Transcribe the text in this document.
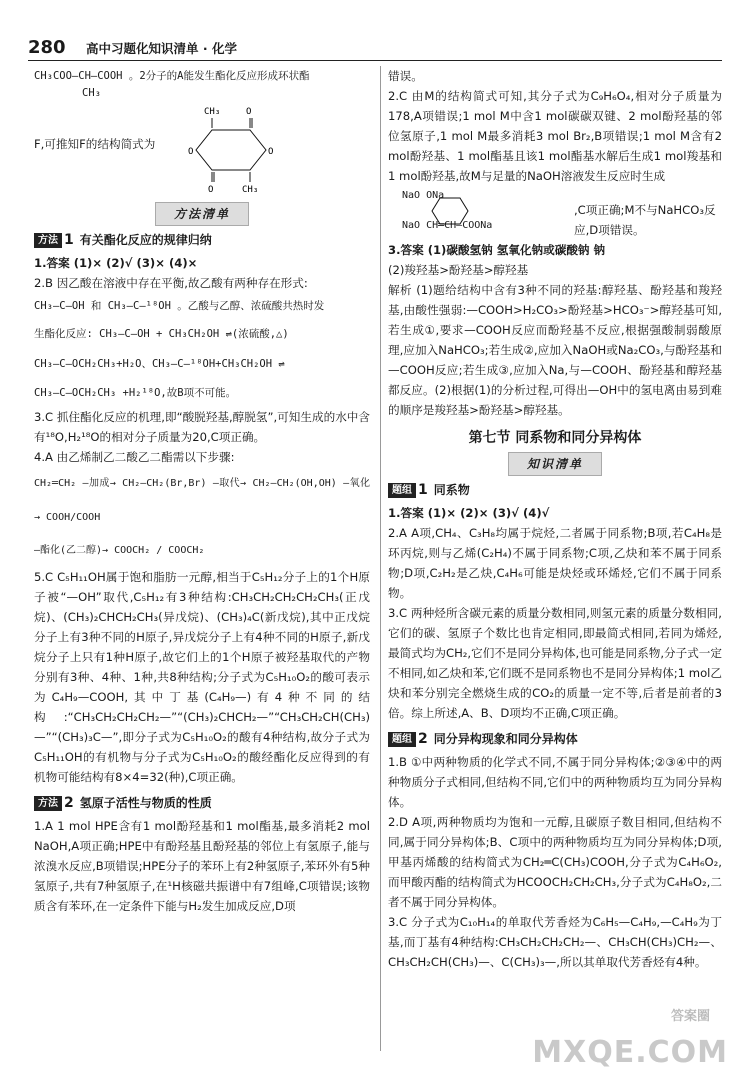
280 高中习题化知识清单 · 化学

CH₃COO—CH—COOH 。2分子的A能发生酯化反应形成环状酯

CH₃

F,可推知F的结构简式为
CH₃	O
O	O
O	CH₃
方法清单
方法 1 有关酯化反应的规律归纳

1.答案 (1)× (2)√ (3)× (4)×

2.B 因乙酸在溶液中存在平衡,故乙酸有两种存在形式:

CH₃—C—OH 和 CH₃—C—¹⁸OH 。乙酸与乙醇、浓硫酸共热时发

生酯化反应: CH₃—C—OH + CH₃CH₂OH ⇌(浓硫酸,△)

CH₃—C—OCH₂CH₃+H₂O、CH₃—C—¹⁸OH+CH₃CH₂OH ⇌

CH₃—C—OCH₂CH₃ +H₂¹⁸O,故B项不可能。

3.C 抓住酯化反应的机理,即“酸脱羟基,醇脱氢”,可知生成的水中含有¹⁸O,H₂¹⁸O的相对分子质量为20,C项正确。

4.A 由乙烯制乙二酸乙二酯需以下步骤:

CH₂═CH₂ —加成→ CH₂—CH₂(Br,Br) —取代→ CH₂—CH₂(OH,OH) —氧化→ COOH/COOH

—酯化(乙二醇)→ COOCH₂ / COOCH₂

5.C C₅H₁₁OH属于饱和脂肪一元醇,相当于C₅H₁₂分子上的1个H原子被“—OH”取代,C₅H₁₂有3种结构:CH₃CH₂CH₂CH₂CH₃(正戊烷)、(CH₃)₂CHCH₂CH₃(异戊烷)、(CH₃)₄C(新戊烷),其中正戊烷分子上有3种不同的H原子,异戊烷分子上有4种不同的H原子,新戊烷分子上只有1种H原子,故它们上的1个H原子被羟基取代的产物分别有3种、4种、1种,共8种结构;分子式为C₅H₁₀O₂的酸可表示为C₄H₉—COOH,其中丁基(C₄H₉—)有4种不同的结构:“CH₃CH₂CH₂CH₂—”“(CH₃)₂CHCH₂—”“CH₃CH₂CH(CH₃)—”“(CH₃)₃C—”,即分子式为C₅H₁₀O₂的酸有4种结构,故分子式为C₅H₁₁OH的有机物与分子式为C₅H₁₀O₂的酸经酯化反应得到的有机物可能结构有8×4=32(种),C项正确。

方法 2 氢原子活性与物质的性质

1.A 1 mol HPE含有1 mol酚羟基和1 mol酯基,最多消耗2 mol NaOH,A项正确;HPE中有酚羟基且酚羟基的邻位上有氢原子,能与浓溴水反应,B项错误;HPE分子的苯环上有2种氢原子,苯环外有5种氢原子,共有7种氢原子,在¹H核磁共振谱中有7组峰,C项错误;该物质含有苯环,在一定条件下能与H₂发生加成反应,D项

错误。

2.C 由M的结构简式可知,其分子式为C₉H₆O₄,相对分子质量为178,A项错误;1 mol M中含1 mol碳碳双键、2 mol酚羟基的邻位氢原子,1 mol M最多消耗3 mol Br₂,B项错误;1 mol M含有2 mol酚羟基、1 mol酯基且该1 mol酯基水解后生成1 mol羧基和1 mol酚羟基,故M与足量的NaOH溶液发生反应时生成

NaO ONa
NaO CH═CH—COONa
,C项正确;M不与NaHCO₃反应,D项错误。

3.答案 (1)碳酸氢钠 氢氧化钠或碳酸钠 钠

(2)羧羟基>酚羟基>醇羟基

解析 (1)题给结构中含有3种不同的羟基:醇羟基、酚羟基和羧羟基,由酸性强弱:—COOH>H₂CO₃>酚羟基>HCO₃⁻>醇羟基可知,若生成①,要求—COOH反应而酚羟基不反应,根据强酸制弱酸原理,应加入NaHCO₃;若生成②,应加入NaOH或Na₂CO₃,与酚羟基和—COOH反应;若生成③,应加入Na,与—COOH、酚羟基和醇羟基都反应。(2)根据(1)的分析过程,可得出—OH中的氢电离由易到难的顺序是羧羟基>酚羟基>醇羟基。

第七节 同系物和同分异构体
知识清单
题组 1 同系物

1.答案 (1)× (2)× (3)√ (4)√

2.A A项,CH₄、C₃H₈均属于烷烃,二者属于同系物;B项,若C₄H₈是环丙烷,则与乙烯(C₂H₄)不属于同系物;C项,乙炔和苯不属于同系物;D项,C₂H₂是乙炔,C₄H₆可能是炔烃或环烯烃,它们不属于同系物。

3.C 两种烃所含碳元素的质量分数相同,则氢元素的质量分数相同,它们的碳、氢原子个数比也肯定相同,即最简式相同,若同为烯烃,最简式均为CH₂,它们不是同分异构体,也可能是同系物,分子式一定不相同,如乙炔和苯,它们既不是同系物也不是同分异构体;1 mol乙炔和苯分别完全燃烧生成的CO₂的质量一定不等,后者是前者的3倍。综上所述,A、B、D项均不正确,C项正确。

题组 2 同分异构现象和同分异构体

1.B ①中两种物质的化学式不同,不属于同分异构体;②③④中的两种物质分子式相同,但结构不同,它们中的两种物质均互为同分异构体。

2.D A项,两种物质均为饱和一元醇,且碳原子数目相同,但结构不同,属于同分异构体;B、C项中的两种物质均互为同分异构体;D项,甲基丙烯酸的结构简式为CH₂═C(CH₃)COOH,分子式为C₄H₆O₂,而甲酸丙酯的结构简式为HCOOCH₂CH₂CH₃,分子式为C₄H₈O₂,二者不属于同分异构体。

3.C 分子式为C₁₀H₁₄的单取代芳香烃为C₆H₅—C₄H₉,—C₄H₉为丁基,而丁基有4种结构:CH₃CH₂CH₂CH₂—、CH₃CH(CH₃)CH₂—、CH₃CH₂CH(CH₃)—、C(CH₃)₃—,所以其单取代芳香烃有4种。

答案圈
MXQE.COM
